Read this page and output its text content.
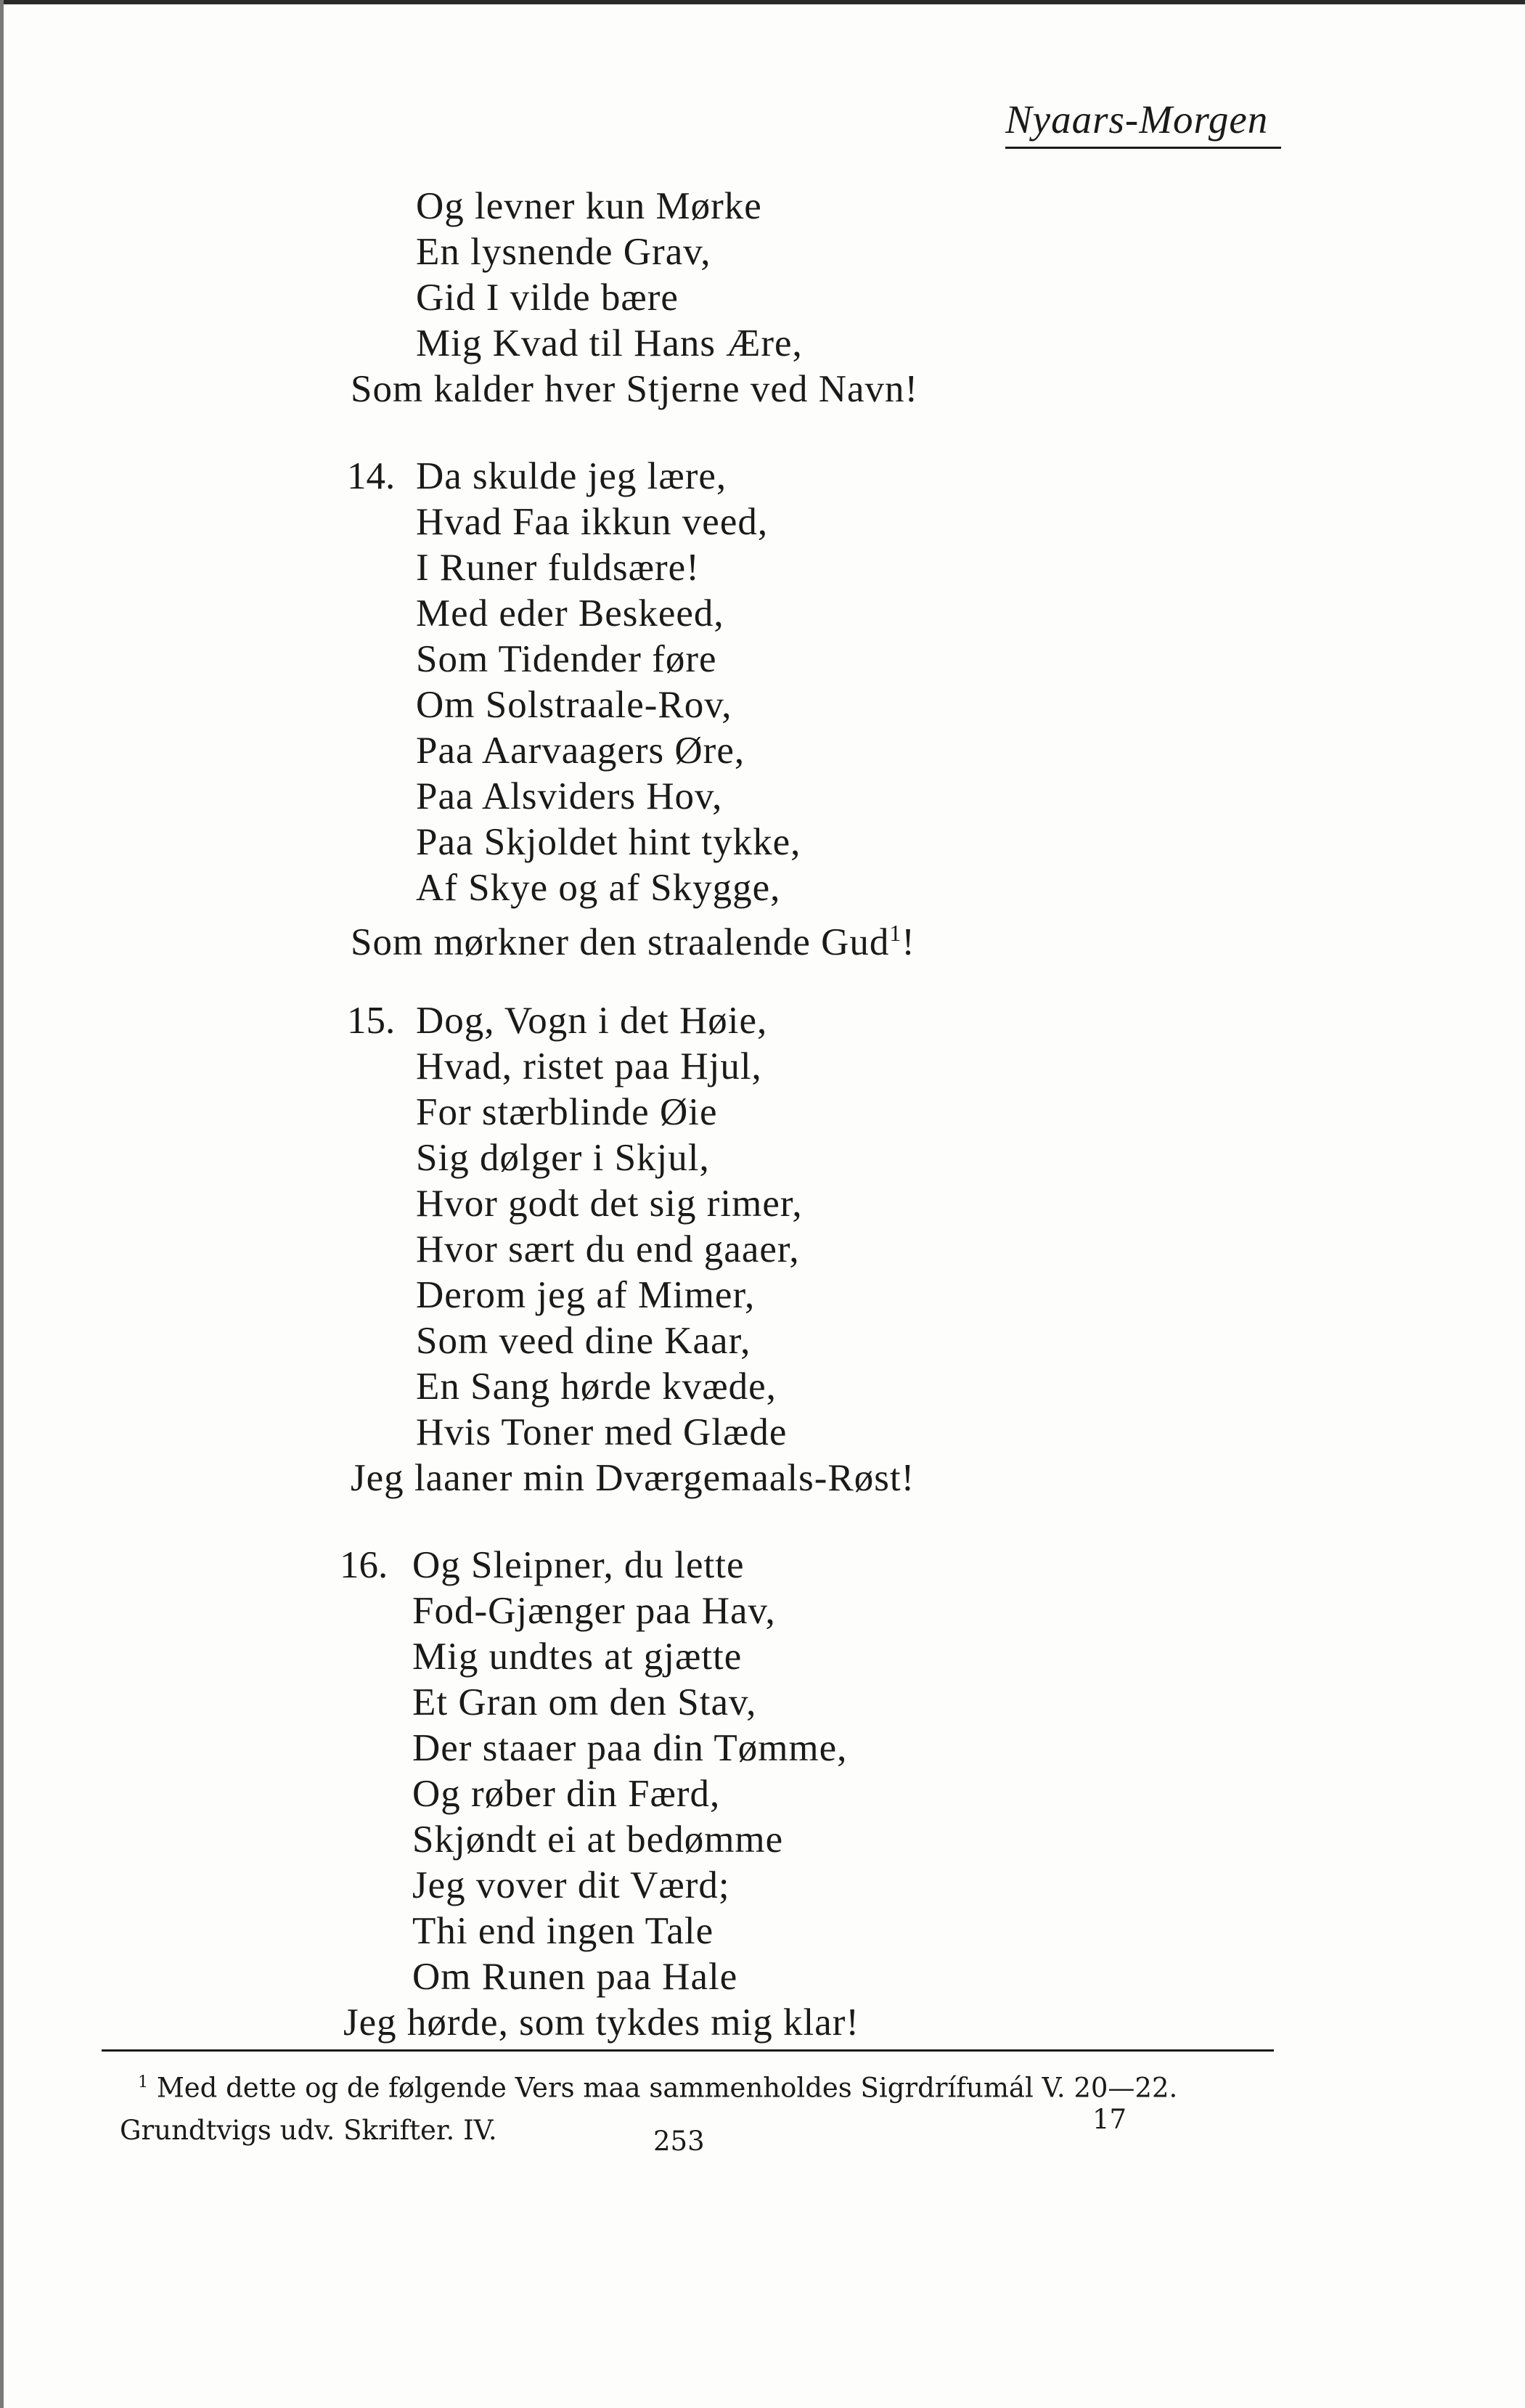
Nyaars-Morgen
Og levner kun Mørke
En lysnende Grav,
Gid I vilde bære
Mig Kvad til Hans Ære,
Som kalder hver Stjerne ved Navn!
14. Da skulde jeg lære,
Hvad Faa ikkun veed,
I Runer fuldsære!
Med eder Beskeed,
Som Tidender føre
Om Solstraale-Rov,
Paa Aarvaagers Øre,
Paa Alsviders Hov,
Paa Skjoldet hint tykke,
Af Skye og af Skygge,
Som mørkner den straalende Gud$^1$!
15. Dog, Vogn i det Høie,
Hvad, ristet paa Hjul,
For stærblinde Øie
Sig dølger i Skjul,
Hvor godt det sig rimer,
Hvor sært du end gaaer,
Derom jeg af Mimer,
Som veed dine Kaar,
En Sang hørde kvæde,
Hvis Toner med Glæde
Jeg laaner min Dværgemaals-Røst!
16. Og Sleipner, du lette
Fod-Gjænger paa Hav,
Mig undtes at gjætte
Et Gran om den Stav,
Der staaer paa din Tømme,
Og røber din Færd,
Skjøndt ei at bedømme
Jeg vover dit Værd;
Thi end ingen Tale
Om Runen paa Hale
Jeg hørde, som tykdes mig klar!
$^1$ Med dette og de følgende Vers maa sammenholdes Sigrdrífumál V. 20—22.
Grundtvigs udv. Skrifter. IV.	253
17
